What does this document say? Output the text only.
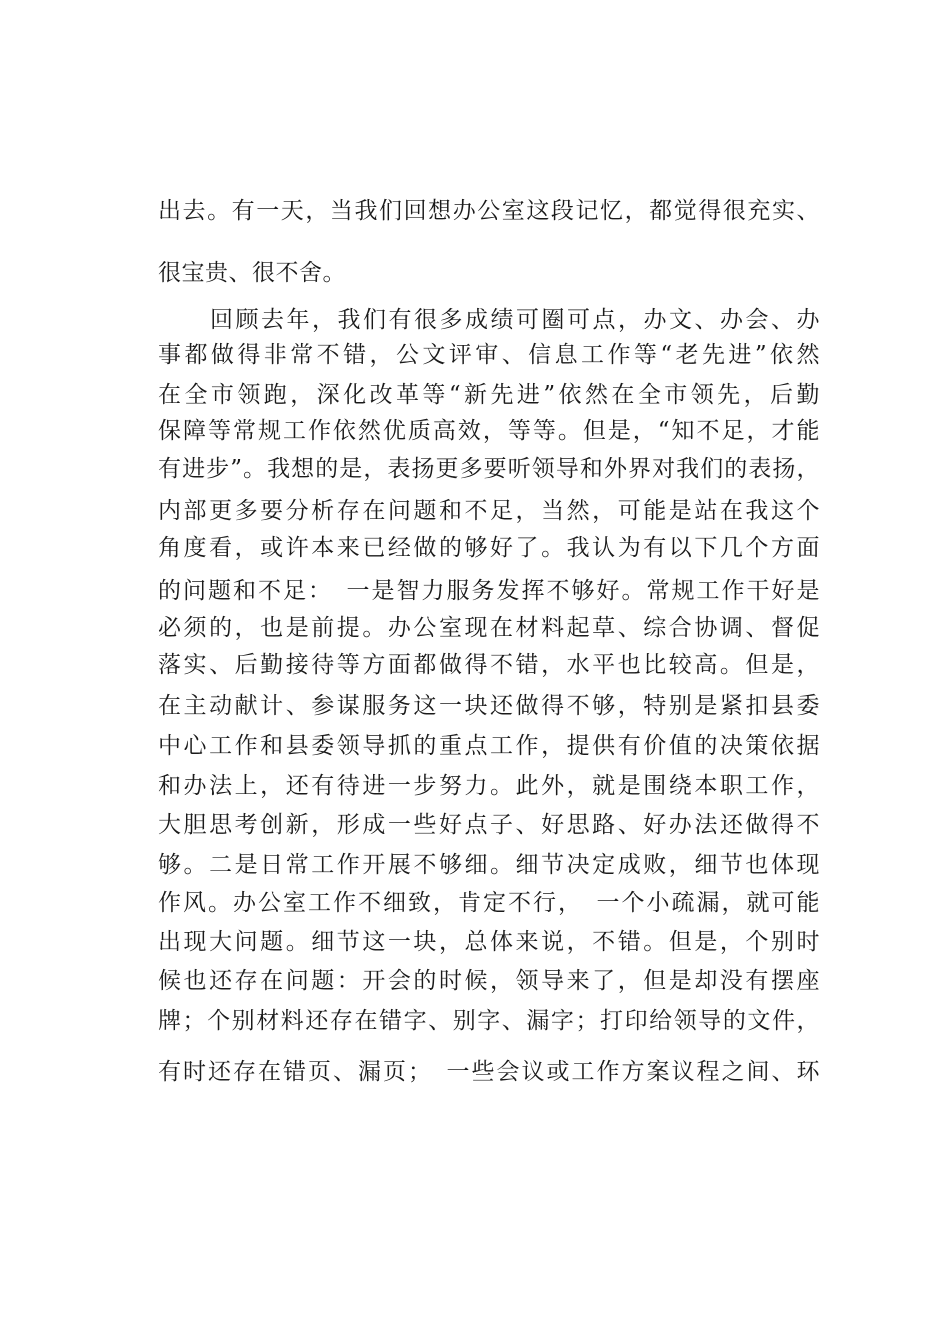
出去。有一天，当我们回想办公室这段记忆，都觉得很充实、
很宝贵、很不舍。
回顾去年，我们有很多成绩可圈可点，办文、办会、办
事都做得非常不错，公文评审、信息工作等“老先进”依然
在全市领跑，深化改革等“新先进”依然在全市领先，后勤
保障等常规工作依然优质高效，等等。但是，“知不足，才能
有进步”。我想的是，表扬更多要听领导和外界对我们的表扬，
内部更多要分析存在问题和不足，当然，可能是站在我这个
角度看，或许本来已经做的够好了。我认为有以下几个方面
的问题和不足：　一是智力服务发挥不够好。常规工作干好是
必须的，也是前提。办公室现在材料起草、综合协调、督促
落实、后勤接待等方面都做得不错，水平也比较高。但是，
在主动献计、参谋服务这一块还做得不够，特别是紧扣县委
中心工作和县委领导抓的重点工作，提供有价值的决策依据
和办法上，还有待进一步努力。此外，就是围绕本职工作，
大胆思考创新，形成一些好点子、好思路、好办法还做得不
够。二是日常工作开展不够细。细节决定成败，细节也体现
作风。办公室工作不细致，肯定不行，　一个小疏漏，就可能
出现大问题。细节这一块，总体来说，不错。但是，个别时
候也还存在问题：开会的时候，领导来了，但是却没有摆座
牌；个别材料还存在错字、别字、漏字；打印给领导的文件，
有时还存在错页、漏页；　一些会议或工作方案议程之间、环
